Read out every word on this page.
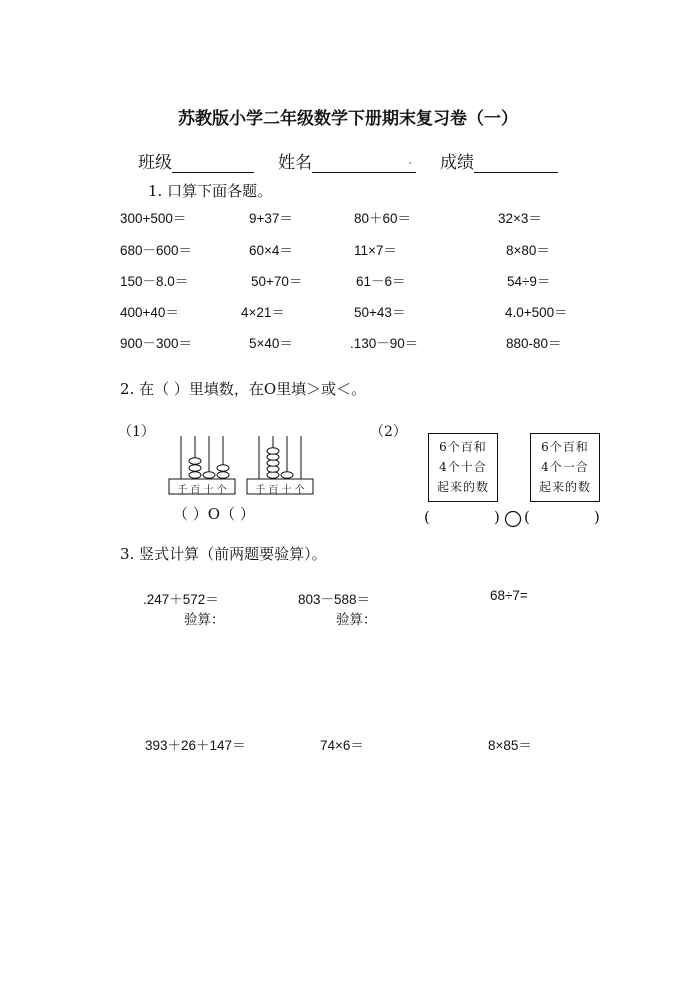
苏教版小学二年级数学下册期末复习卷（一）
班级	姓名	成绩
1. 口算下面各题。
300+500＝	9+37＝	80＋60＝	32×3＝
680－600＝	60×4＝	11×7＝	8×80＝
150－8.0＝	50+70＝	61－6＝	54÷9＝
400+40＝	4×21＝	50+43＝	4.0+500＝
900－300＝	5×40＝	.130－90＝	880-80＝
2. 在（ ）里填数，在O里填＞或＜。
（1）	（2）
千 百 十 个	千 百 十 个
（ ）O（ ）
6个百和
4个十合
起来的数
6个百和
4个一合
起来的数
(	) (	)
3. 竖式计算（前两题要验算）。
.247＋572＝	803－588＝	68÷7=
验算：	验算：
393＋26＋147＝	74×6＝	8×85＝
